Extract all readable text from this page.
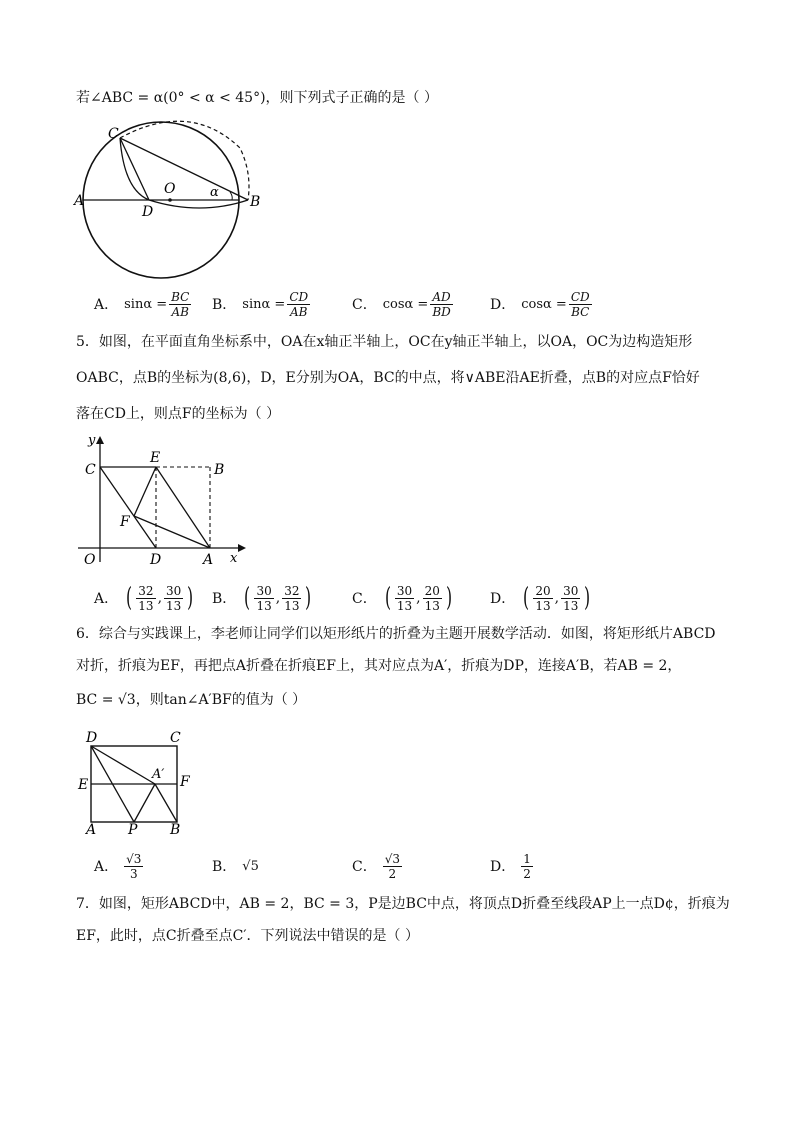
若∠ABC = α(0° < α < 45°)，则下列式子正确的是（ ）
C
A
O	α
D
B
A． $\sin\alpha = \frac{BC}{AB}$ B． $\sin\alpha = \frac{CD}{AB}$	C． $\cos\alpha = \frac{AD}{BD}$	D． $\cos\alpha = \frac{CD}{BC}$
5．如图，在平面直角坐标系中，OA在x轴正半轴上，OC在y轴正半轴上，以OA，OC为边构造矩形
OABC，点B的坐标为(8,6)，D，E分别为OA，BC的中点，将∨ABE沿AE折叠，点B的对应点F恰好
落在CD上，则点F的坐标为（ ）
y
C
E
B
F
O	D	A x
A． ( $\frac{32}{13}$ , $\frac{30}{13}$ ) B． ( $\frac{30}{13}$ , $\frac{32}{13}$ )	C． ( $\frac{30}{13}$ , $\frac{20}{13}$ )	D． ( $\frac{20}{13}$ , $\frac{30}{13}$ )
6．综合与实践课上，李老师让同学们以矩形纸片的折叠为主题开展数学活动．如图，将矩形纸片ABCD
对折，折痕为EF，再把点A折叠在折痕EF上，其对应点为A′，折痕为DP，连接A′B，若AB = 2，
BC = √3，则tan∠A′BF的值为（ ）
D	C
E
A′ F
A P B
A． $\frac{√3}{3}$	B． √5	C． $\frac{√3}{2}$	D． $\frac{1}{2}$
7．如图，矩形ABCD中，AB = 2，BC = 3，P是边BC中点，将顶点D折叠至线段AP上一点D¢，折痕为
EF，此时，点C折叠至点C′．下列说法中错误的是（ ）
